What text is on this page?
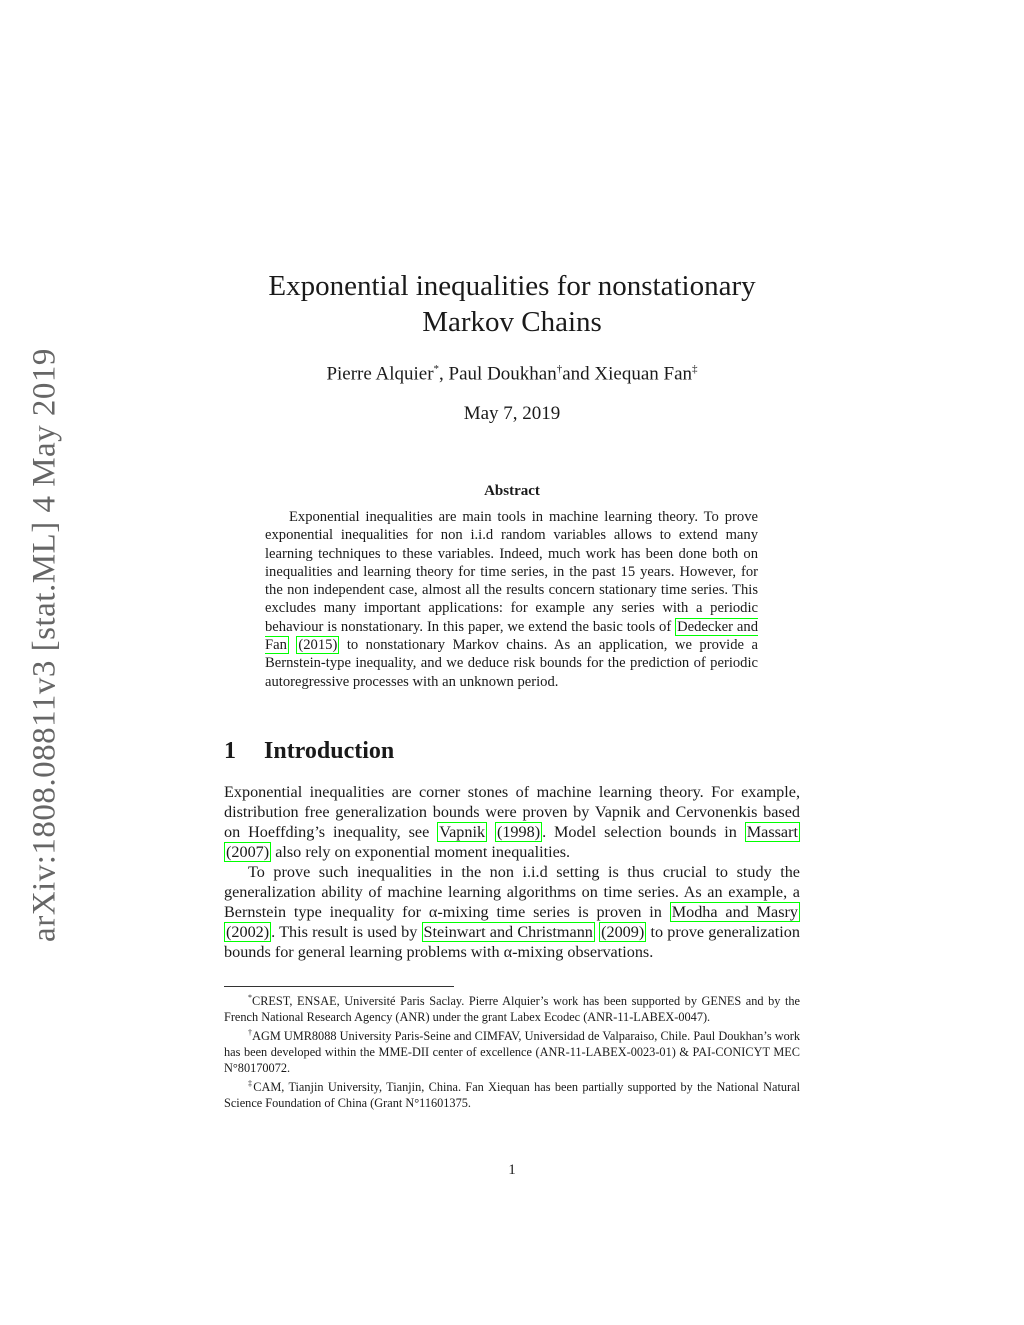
arXiv:1808.08811v3 [stat.ML] 4 May 2019
Exponential inequalities for nonstationary
Markov Chains
Pierre Alquier*, Paul Doukhan†and Xiequan Fan‡
May 7, 2019
Abstract

Exponential inequalities are main tools in machine learning theory. To prove exponential inequalities for non i.i.d random variables allows to extend many learning techniques to these variables. Indeed, much work has been done both on inequalities and learning theory for time series, in the past 15 years. However, for the non independent case, almost all the results concern stationary time series. This excludes many important applications: for example any series with a periodic behaviour is nonstationary. In this paper, we extend the basic tools of Dedecker and Fan (2015) to nonstationary Markov chains. As an application, we provide a Bernstein-type inequality, and we deduce risk bounds for the prediction of periodic autoregressive processes with an unknown period.

1 Introduction

Exponential inequalities are corner stones of machine learning theory. For example, distribution free generalization bounds were proven by Vapnik and Cervonenkis based on Hoeffding’s inequality, see Vapnik (1998) . Model selection bounds in Massart (2007) also rely on exponential moment inequalities.

To prove such inequalities in the non i.i.d setting is thus crucial to study the generalization ability of machine learning algorithms on time series. As an example, a Bernstein type inequality for α-mixing time series is proven in Modha and Masry (2002) . This result is used by Steinwart and Christmann (2009) to prove generalization bounds for general learning problems with α-mixing observations.

*CREST, ENSAE, Université Paris Saclay. Pierre Alquier’s work has been supported by GENES and by the French National Research Agency (ANR) under the grant Labex Ecodec (ANR-11-LABEX-0047).

†AGM UMR8088 University Paris-Seine and CIMFAV, Universidad de Valparaiso, Chile. Paul Doukhan’s work has been developed within the MME-DII center of excellence (ANR-11-LABEX-0023-01) & PAI-CONICYT MEC N°80170072.

‡CAM, Tianjin University, Tianjin, China. Fan Xiequan has been partially supported by the National Natural Science Foundation of China (Grant N°11601375.

1
